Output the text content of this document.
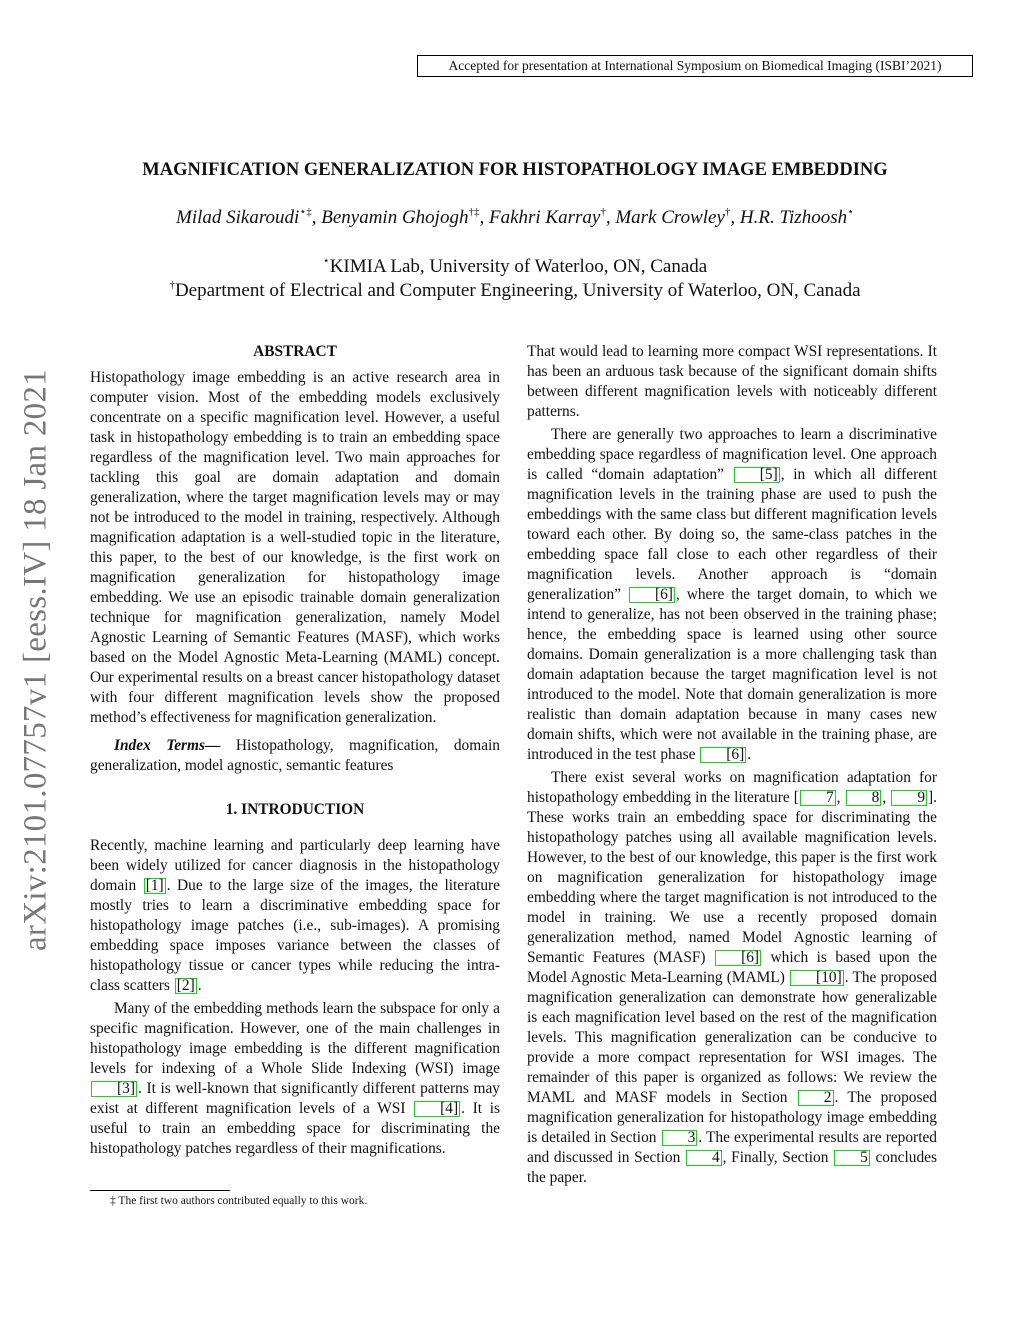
Accepted for presentation at International Symposium on Biomedical Imaging (ISBI’2021)
arXiv:2101.07757v1 [eess.IV] 18 Jan 2021
MAGNIFICATION GENERALIZATION FOR HISTOPATHOLOGY IMAGE EMBEDDING
Milad Sikaroudi⋆‡, Benyamin Ghojogh†‡, Fakhri Karray†, Mark Crowley†, H.R. Tizhoosh⋆
⋆KIMIA Lab, University of Waterloo, ON, Canada
†Department of Electrical and Computer Engineering, University of Waterloo, ON, Canada

ABSTRACT

Histopathology image embedding is an active research area in computer vision. Most of the embedding models exclusively concentrate on a specific magnification level. However, a useful task in histopathology embedding is to train an embedding space regardless of the magnification level. Two main approaches for tackling this goal are domain adaptation and domain generalization, where the target magnification levels may or may not be introduced to the model in training, respectively. Although magnification adaptation is a well-studied topic in the literature, this paper, to the best of our knowledge, is the first work on magnification generalization for histopathology image embedding. We use an episodic trainable domain generalization technique for magnification generalization, namely Model Agnostic Learning of Semantic Features (MASF), which works based on the Model Agnostic Meta-Learning (MAML) concept. Our experimental results on a breast cancer histopathology dataset with four different magnification levels show the proposed method’s effectiveness for magnification generalization.

Index Terms— Histopathology, magnification, domain generalization, model agnostic, semantic features

1. INTRODUCTION

Recently, machine learning and particularly deep learning have been widely utilized for cancer diagnosis in the histopathology domain [1] . Due to the large size of the images, the literature mostly tries to learn a discriminative embedding space for histopathology image patches (i.e., sub-images). A promising embedding space imposes variance between the classes of histopathology tissue or cancer types while reducing the intra-class scatters [2] .

Many of the embedding methods learn the subspace for only a specific magnification. However, one of the main challenges in histopathology image embedding is the different magnification levels for indexing of a Whole Slide Indexing (WSI) image [3] . It is well-known that significantly different patterns may exist at different magnification levels of a WSI [4] . It is useful to train an embedding space for discriminating the histopathology patches regardless of their magnifications.

That would lead to learning more compact WSI representations. It has been an arduous task because of the significant domain shifts between different magnification levels with noticeably different patterns.

There are generally two approaches to learn a discriminative embedding space regardless of magnification level. One approach is called “domain adaptation” [5] , in which all different magnification levels in the training phase are used to push the embeddings with the same class but different magnification levels toward each other. By doing so, the same-class patches in the embedding space fall close to each other regardless of their magnification levels. Another approach is “domain generalization” [6] , where the target domain, to which we intend to generalize, has not been observed in the training phase; hence, the embedding space is learned using other source domains. Domain generalization is a more challenging task than domain adaptation because the target magnification level is not introduced to the model. Note that domain generalization is more realistic than domain adaptation because in many cases new domain shifts, which were not available in the training phase, are introduced in the test phase [6] .

There exist several works on magnification adaptation for histopathology embedding in the literature [ 7 , 8 , 9 ]. These works train an embedding space for discriminating the histopathology patches using all available magnification levels. However, to the best of our knowledge, this paper is the first work on magnification generalization for histopathology image embedding where the target magnification is not introduced to the model in training. We use a recently proposed domain generalization method, named Model Agnostic learning of Semantic Features (MASF) [6] which is based upon the Model Agnostic Meta-Learning (MAML) [10] . The proposed magnification generalization can demonstrate how generalizable is each magnification level based on the rest of the magnification levels. This magnification generalization can be conducive to provide a more compact representation for WSI images. The remainder of this paper is organized as follows: We review the MAML and MASF models in Section 2 . The proposed magnification generalization for histopathology image embedding is detailed in Section 3 . The experimental results are reported and discussed in Section 4 , Finally, Section 5 concludes the paper.

‡ The first two authors contributed equally to this work.
